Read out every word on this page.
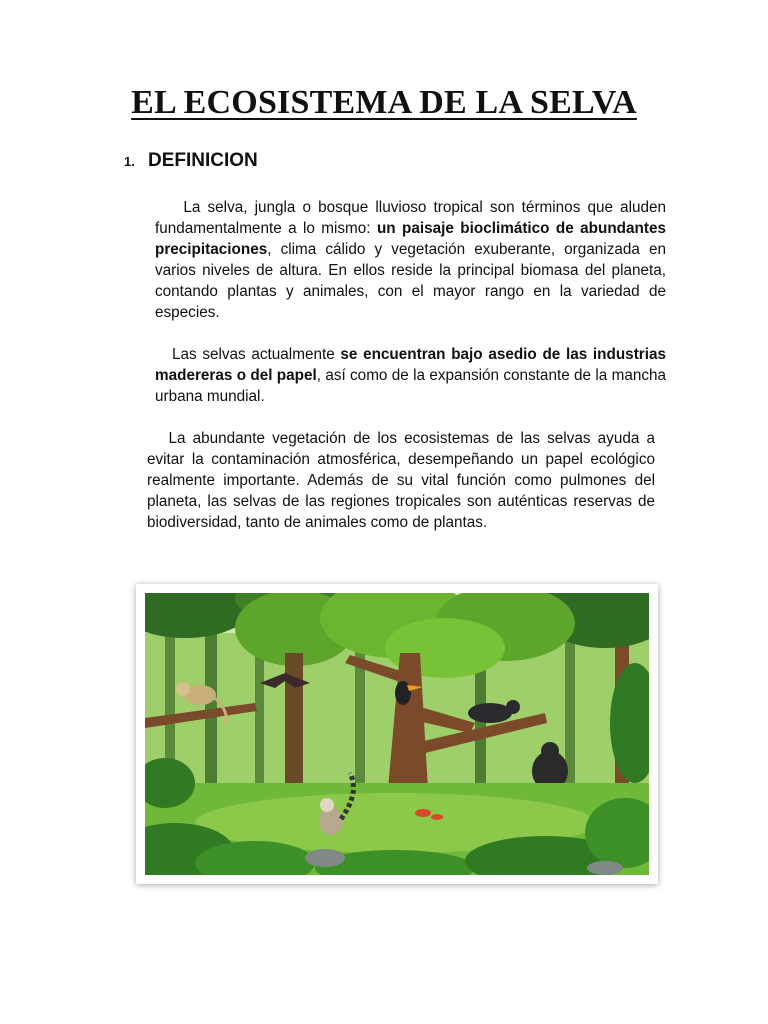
EL ECOSISTEMA DE LA SELVA
1. DEFINICION

La selva, jungla o bosque lluvioso tropical son términos que aluden fundamentalmente a lo mismo: un paisaje bioclimático de abundantes precipitaciones, clima cálido y vegetación exuberante, organizada en varios niveles de altura. En ellos reside la principal biomasa del planeta, contando plantas y animales, con el mayor rango en la variedad de especies.

Las selvas actualmente se encuentran bajo asedio de las industrias madereras o del papel, así como de la expansión constante de la mancha urbana mundial.

La abundante vegetación de los ecosistemas de las selvas ayuda a evitar la contaminación atmosférica, desempeñando un papel ecológico realmente importante. Además de su vital función como pulmones del planeta, las selvas de las regiones tropicales son auténticas reservas de biodiversidad, tanto de animales como de plantas.
